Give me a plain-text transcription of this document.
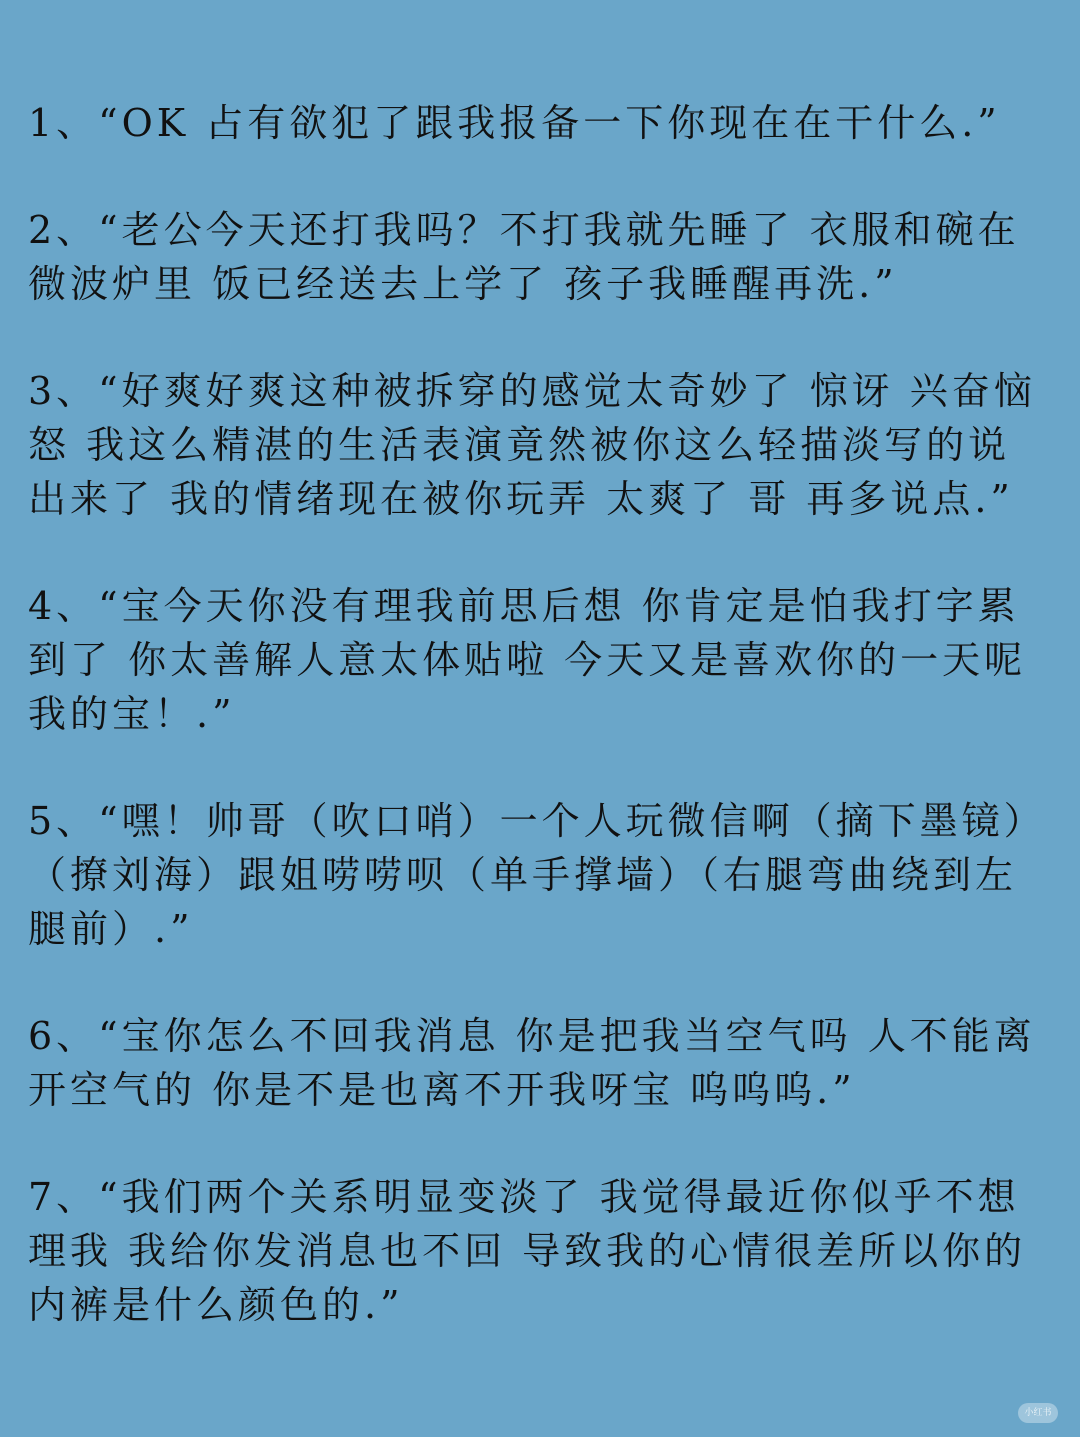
1、“OK 占有欲犯了跟我报备一下你现在在干什么.”

2、“老公今天还打我吗？不打我就先睡了 衣服和碗在微波炉里 饭已经送去上学了 孩子我睡醒再洗.”

3、“好爽好爽这种被拆穿的感觉太奇妙了 惊讶 兴奋恼怒 我这么精湛的生活表演竟然被你这么轻描淡写的说出来了 我的情绪现在被你玩弄 太爽了 哥 再多说点.”

4、“宝今天你没有理我前思后想 你肯定是怕我打字累到了 你太善解人意太体贴啦 今天又是喜欢你的一天呢我的宝！.”

5、“嘿！帅哥（吹口哨）一个人玩微信啊（摘下墨镜）（撩刘海）跟姐唠唠呗（单手撑墙）（右腿弯曲绕到左腿前）.”

6、“宝你怎么不回我消息 你是把我当空气吗 人不能离开空气的 你是不是也离不开我呀宝 呜呜呜.”

7、“我们两个关系明显变淡了 我觉得最近你似乎不想理我 我给你发消息也不回 导致我的心情很差所以你的内裤是什么颜色的.”

小红书
